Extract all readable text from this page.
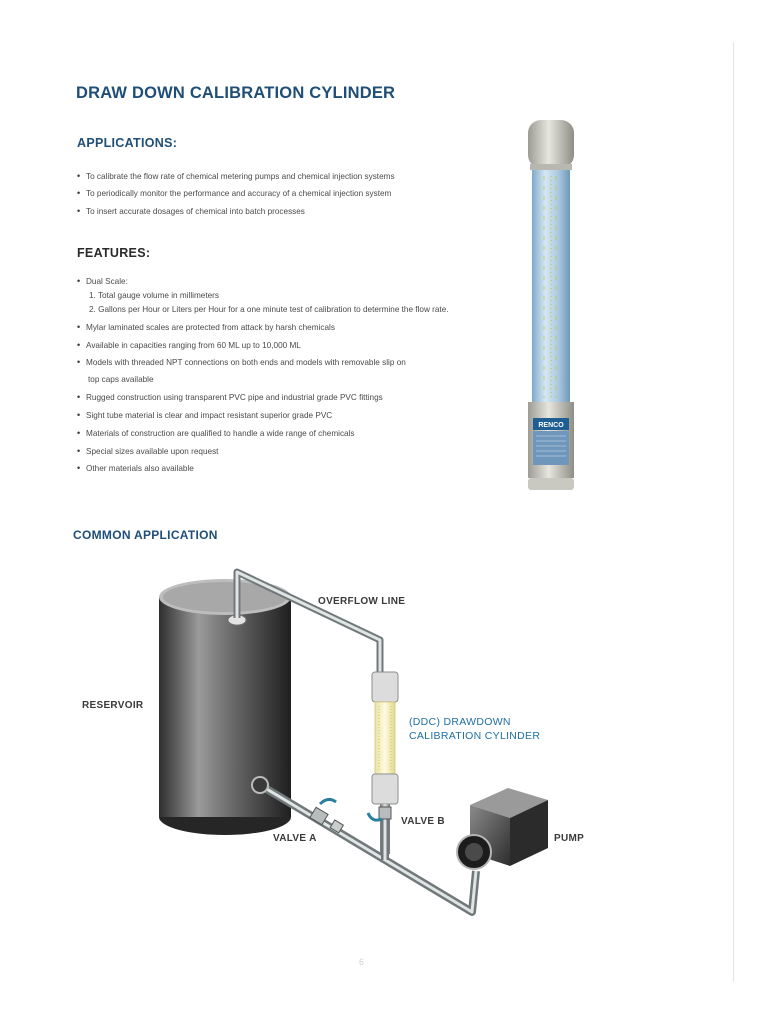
DRAW DOWN CALIBRATION CYLINDER
APPLICATIONS:
• To calibrate the flow rate of chemical metering pumps and chemical injection systems
• To periodically monitor the performance and accuracy of a chemical injection system
• To insert accurate dosages of chemical into batch processes
FEATURES:
• Dual Scale:
1. Total gauge volume in millimeters
2. Gallons per Hour or Liters per Hour for a one minute test of calibration to determine the flow rate.
• Mylar laminated scales are protected from attack by harsh chemicals
• Available in capacities ranging from 60 ML up to 10,000 ML
• Models with threaded NPT connections on both ends and models with removable slip on
top caps available
• Rugged construction using transparent PVC pipe and industrial grade PVC fittings
• Sight tube material is clear and impact resistant superior grade PVC
• Materials of construction are qualified to handle a wide range of chemicals
• Special sizes available upon request
• Other materials also available
RENCO
COMMON APPLICATION
OVERFLOW LINE
RESERVOIR
(DDC) DRAWDOWN
CALIBRATION CYLINDER
VALVE B
VALVE A	PUMP
6
